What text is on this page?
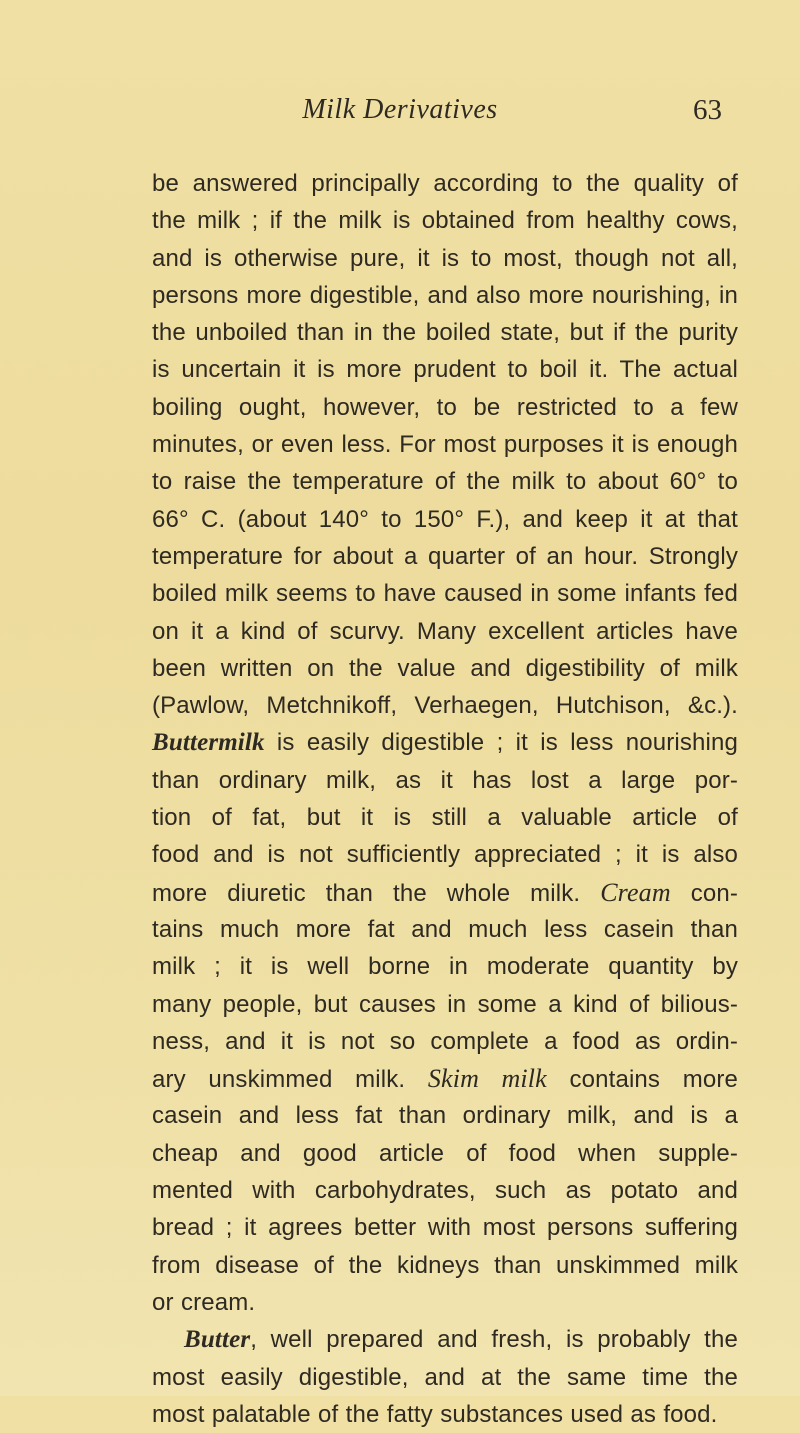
Milk Derivatives	63
be answered principally according to the quality of
the milk ; if the milk is obtained from healthy cows,
and is otherwise pure, it is to most, though not all,
persons more digestible, and also more nourishing, in
the unboiled than in the boiled state, but if the purity
is uncertain it is more prudent to boil it. The actual
boiling ought, however, to be restricted to a few
minutes, or even less. For most purposes it is enough
to raise the temperature of the milk to about 60° to
66° C. (about 140° to 150° F.), and keep it at that
temperature for about a quarter of an hour. Strongly
boiled milk seems to have caused in some infants fed
on it a kind of scurvy. Many excellent articles have
been written on the value and digestibility of milk
(Pawlow, Metchnikoff, Verhaegen, Hutchison, &c.).
Buttermilk is easily digestible ; it is less nourishing
than ordinary milk, as it has lost a large por-
tion of fat, but it is still a valuable article of
food and is not sufficiently appreciated ; it is also
more diuretic than the whole milk. Cream con-
tains much more fat and much less casein than
milk ; it is well borne in moderate quantity by
many people, but causes in some a kind of bilious-
ness, and it is not so complete a food as ordin-
ary unskimmed milk. Skim milk contains more
casein and less fat than ordinary milk, and is a
cheap and good article of food when supple-
mented with carbohydrates, such as potato and
bread ; it agrees better with most persons suffering
from disease of the kidneys than unskimmed milk
or cream.
Butter, well prepared and fresh, is probably the
most easily digestible, and at the same time the
most palatable of the fatty substances used as food.
